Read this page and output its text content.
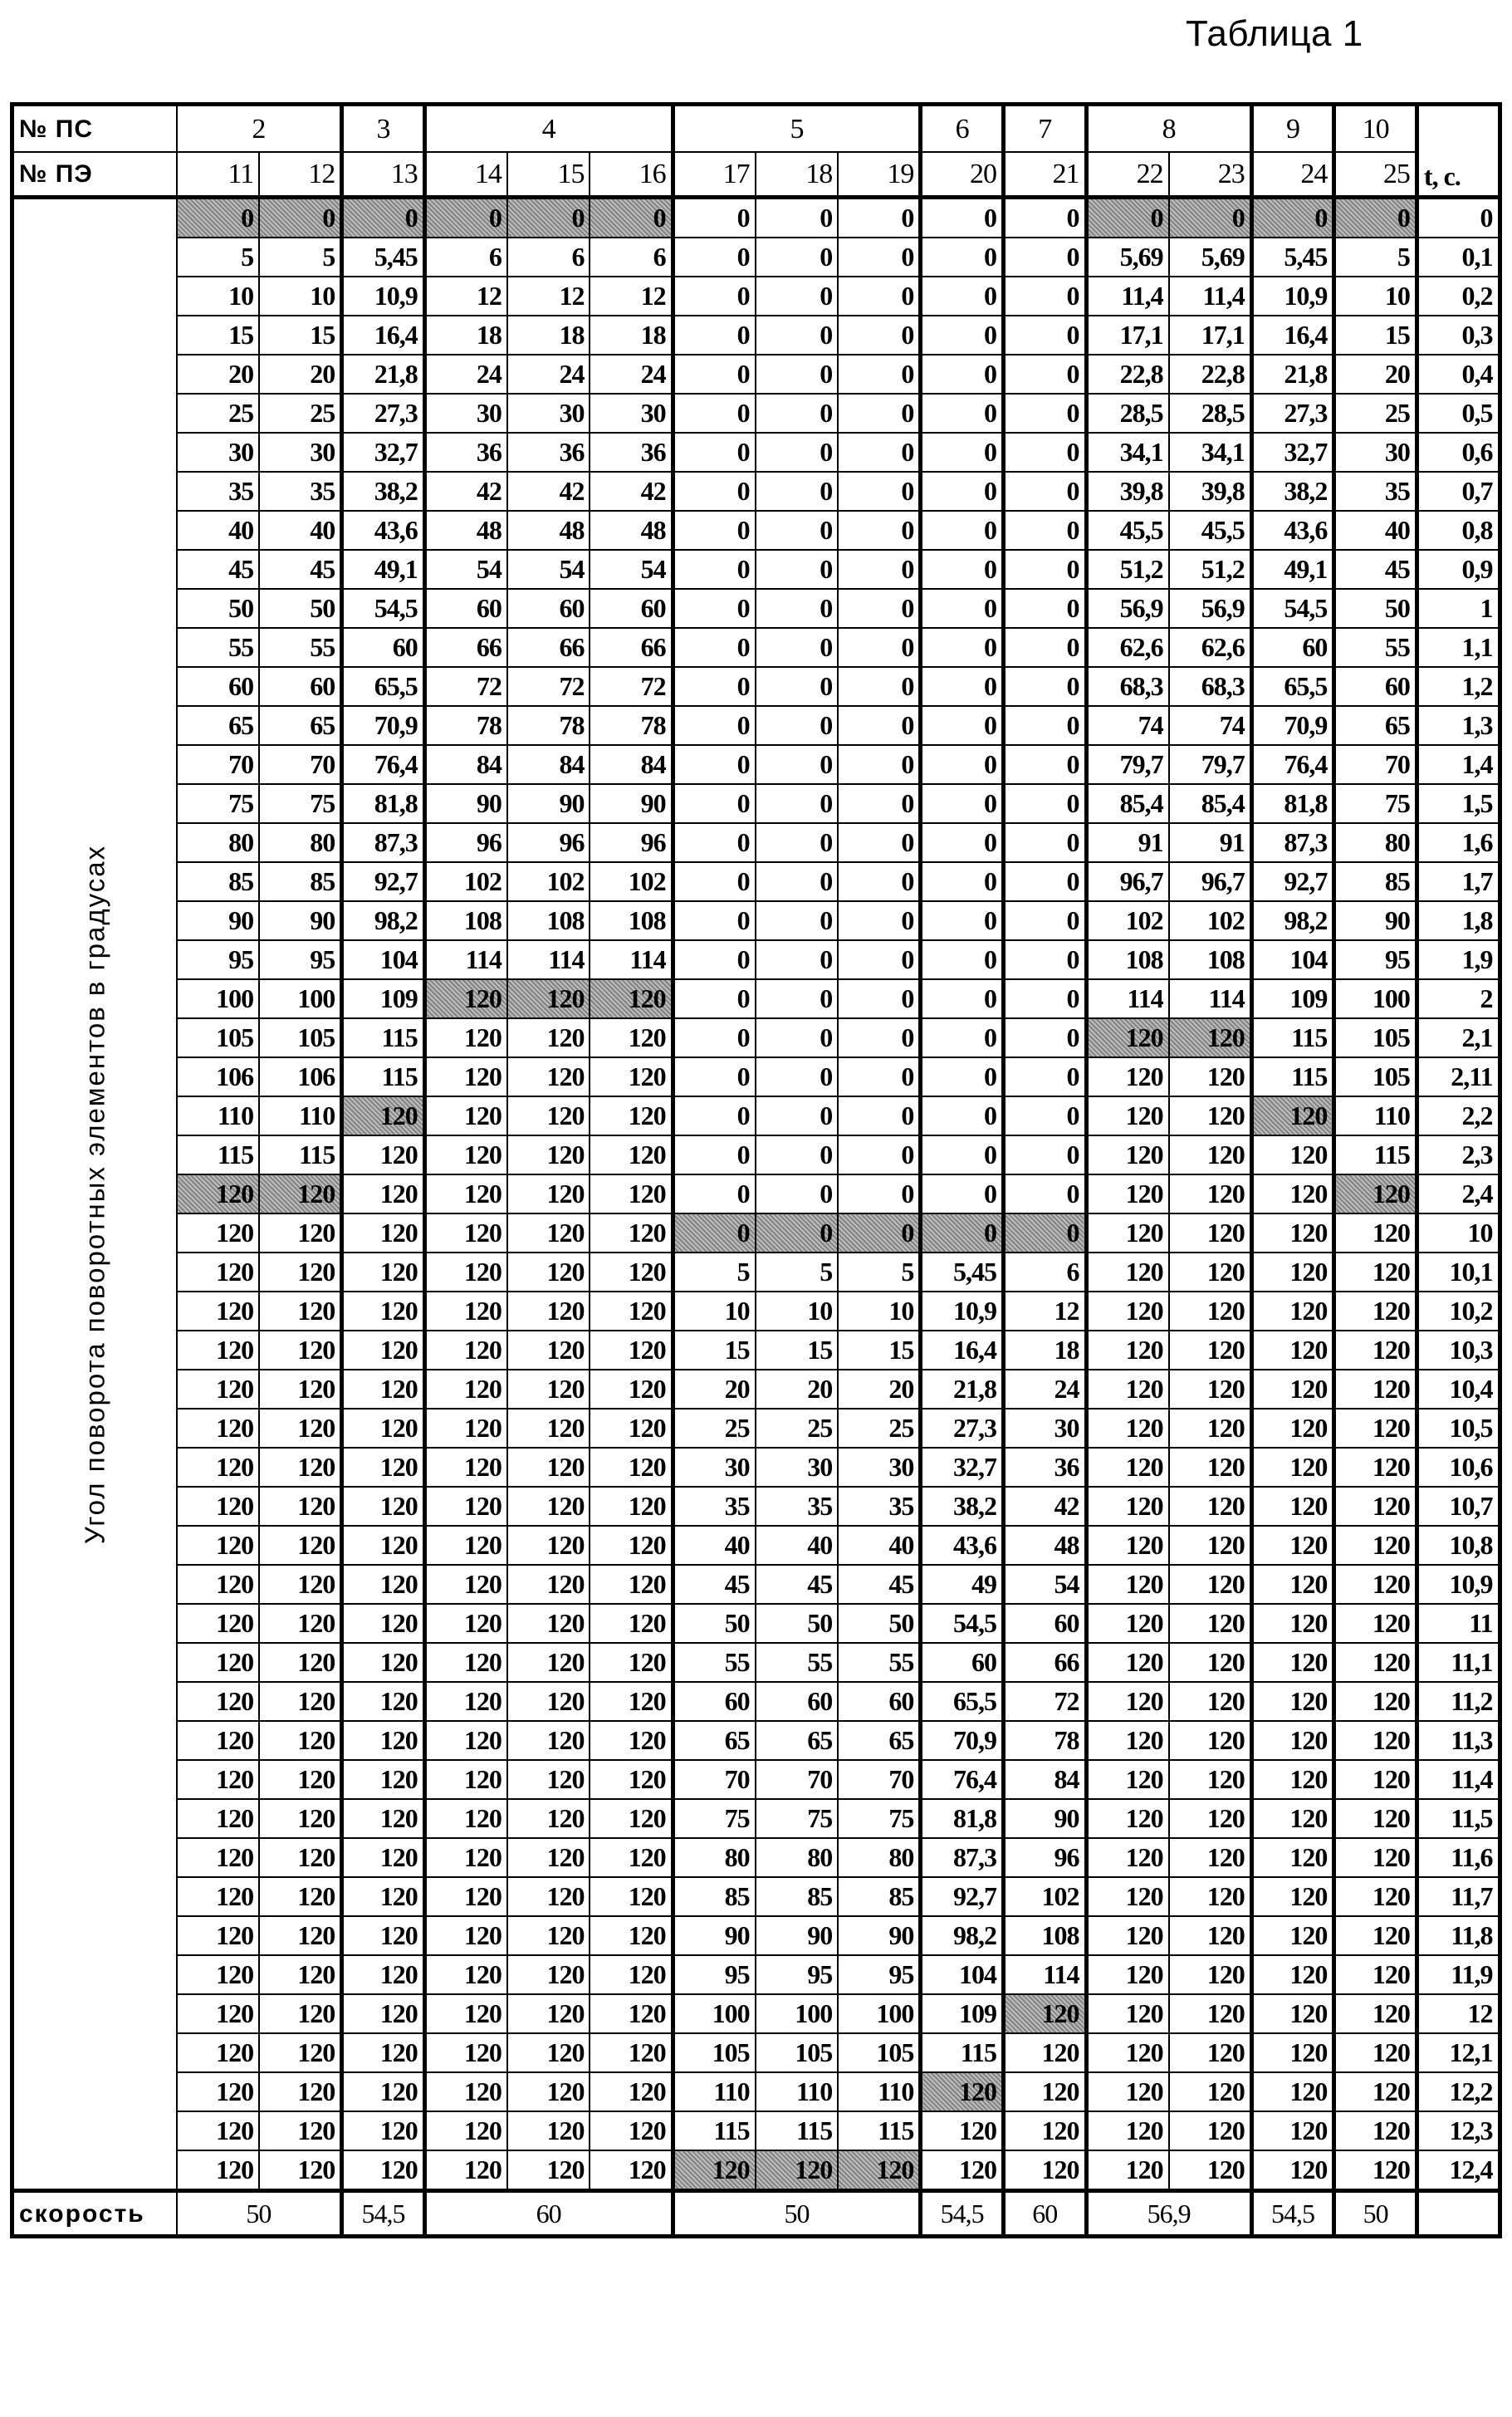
Таблица 1
№ ПС	2	3	4	5	6	7	8	9	10	t, c.
№ ПЭ	11	12	13	14	15	16	17	18	19	20	21	22	23	24	25

Угол поворота поворотных элементов в градусах
	0	0	0	0	0	0	0	0	0	0	0	0	0	0	0	0
5	5	5,45	6	6	6	0	0	0	0	0	5,69	5,69	5,45	5	0,1
10	10	10,9	12	12	12	0	0	0	0	0	11,4	11,4	10,9	10	0,2
15	15	16,4	18	18	18	0	0	0	0	0	17,1	17,1	16,4	15	0,3
20	20	21,8	24	24	24	0	0	0	0	0	22,8	22,8	21,8	20	0,4
25	25	27,3	30	30	30	0	0	0	0	0	28,5	28,5	27,3	25	0,5
30	30	32,7	36	36	36	0	0	0	0	0	34,1	34,1	32,7	30	0,6
35	35	38,2	42	42	42	0	0	0	0	0	39,8	39,8	38,2	35	0,7
40	40	43,6	48	48	48	0	0	0	0	0	45,5	45,5	43,6	40	0,8
45	45	49,1	54	54	54	0	0	0	0	0	51,2	51,2	49,1	45	0,9
50	50	54,5	60	60	60	0	0	0	0	0	56,9	56,9	54,5	50	1
55	55	60	66	66	66	0	0	0	0	0	62,6	62,6	60	55	1,1
60	60	65,5	72	72	72	0	0	0	0	0	68,3	68,3	65,5	60	1,2
65	65	70,9	78	78	78	0	0	0	0	0	74	74	70,9	65	1,3
70	70	76,4	84	84	84	0	0	0	0	0	79,7	79,7	76,4	70	1,4
75	75	81,8	90	90	90	0	0	0	0	0	85,4	85,4	81,8	75	1,5
80	80	87,3	96	96	96	0	0	0	0	0	91	91	87,3	80	1,6
85	85	92,7	102	102	102	0	0	0	0	0	96,7	96,7	92,7	85	1,7
90	90	98,2	108	108	108	0	0	0	0	0	102	102	98,2	90	1,8
95	95	104	114	114	114	0	0	0	0	0	108	108	104	95	1,9
100	100	109	120	120	120	0	0	0	0	0	114	114	109	100	2
105	105	115	120	120	120	0	0	0	0	0	120	120	115	105	2,1
106	106	115	120	120	120	0	0	0	0	0	120	120	115	105	2,11
110	110	120	120	120	120	0	0	0	0	0	120	120	120	110	2,2
115	115	120	120	120	120	0	0	0	0	0	120	120	120	115	2,3
120	120	120	120	120	120	0	0	0	0	0	120	120	120	120	2,4
120	120	120	120	120	120	0	0	0	0	0	120	120	120	120	10
120	120	120	120	120	120	5	5	5	5,45	6	120	120	120	120	10,1
120	120	120	120	120	120	10	10	10	10,9	12	120	120	120	120	10,2
120	120	120	120	120	120	15	15	15	16,4	18	120	120	120	120	10,3
120	120	120	120	120	120	20	20	20	21,8	24	120	120	120	120	10,4
120	120	120	120	120	120	25	25	25	27,3	30	120	120	120	120	10,5
120	120	120	120	120	120	30	30	30	32,7	36	120	120	120	120	10,6
120	120	120	120	120	120	35	35	35	38,2	42	120	120	120	120	10,7
120	120	120	120	120	120	40	40	40	43,6	48	120	120	120	120	10,8
120	120	120	120	120	120	45	45	45	49	54	120	120	120	120	10,9
120	120	120	120	120	120	50	50	50	54,5	60	120	120	120	120	11
120	120	120	120	120	120	55	55	55	60	66	120	120	120	120	11,1
120	120	120	120	120	120	60	60	60	65,5	72	120	120	120	120	11,2
120	120	120	120	120	120	65	65	65	70,9	78	120	120	120	120	11,3
120	120	120	120	120	120	70	70	70	76,4	84	120	120	120	120	11,4
120	120	120	120	120	120	75	75	75	81,8	90	120	120	120	120	11,5
120	120	120	120	120	120	80	80	80	87,3	96	120	120	120	120	11,6
120	120	120	120	120	120	85	85	85	92,7	102	120	120	120	120	11,7
120	120	120	120	120	120	90	90	90	98,2	108	120	120	120	120	11,8
120	120	120	120	120	120	95	95	95	104	114	120	120	120	120	11,9
120	120	120	120	120	120	100	100	100	109	120	120	120	120	120	12
120	120	120	120	120	120	105	105	105	115	120	120	120	120	120	12,1
120	120	120	120	120	120	110	110	110	120	120	120	120	120	120	12,2
120	120	120	120	120	120	115	115	115	120	120	120	120	120	120	12,3
120	120	120	120	120	120	120	120	120	120	120	120	120	120	120	12,4
скорость	50	54,5	60	50	54,5	60	56,9	54,5	50	
